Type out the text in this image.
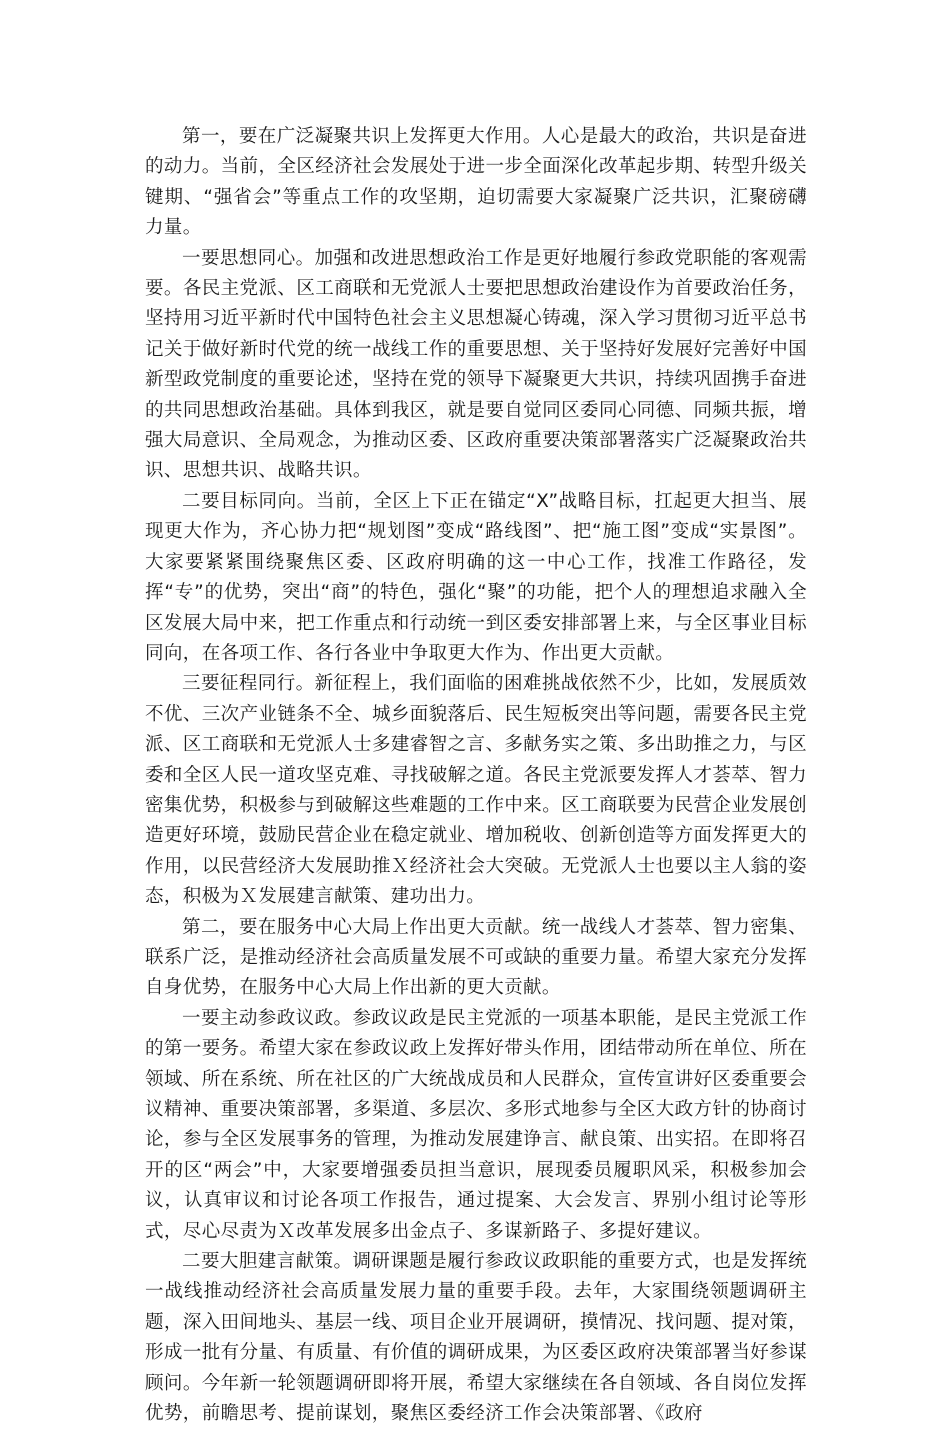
第一，要在广泛凝聚共识上发挥更大作用。人心是最大的政治，共识是奋进的动力。当前，全区经济社会发展处于进一步全面深化改革起步期、转型升级关键期、“强省会”等重点工作的攻坚期，迫切需要大家凝聚广泛共识，汇聚磅礴力量。

一要思想同心。加强和改进思想政治工作是更好地履行参政党职能的客观需要。各民主党派、区工商联和无党派人士要把思想政治建设作为首要政治任务，坚持用习近平新时代中国特色社会主义思想凝心铸魂，深入学习贯彻习近平总书记关于做好新时代党的统一战线工作的重要思想、关于坚持好发展好完善好中国新型政党制度的重要论述，坚持在党的领导下凝聚更大共识，持续巩固携手奋进的共同思想政治基础。具体到我区，就是要自觉同区委同心同德、同频共振，增强大局意识、全局观念，为推动区委、区政府重要决策部署落实广泛凝聚政治共识、思想共识、战略共识。

二要目标同向。当前，全区上下正在锚定“X”战略目标，扛起更大担当、展现更大作为，齐心协力把“规划图”变成“路线图”、把“施工图”变成“实景图”。大家要紧紧围绕聚焦区委、区政府明确的这一中心工作，找准工作路径，发挥“专”的优势，突出“商”的特色，强化“聚”的功能，把个人的理想追求融入全区发展大局中来，把工作重点和行动统一到区委安排部署上来，与全区事业目标同向，在各项工作、各行各业中争取更大作为、作出更大贡献。

三要征程同行。新征程上，我们面临的困难挑战依然不少，比如，发展质效不优、三次产业链条不全、城乡面貌落后、民生短板突出等问题，需要各民主党派、区工商联和无党派人士多建睿智之言、多献务实之策、多出助推之力，与区委和全区人民一道攻坚克难、寻找破解之道。各民主党派要发挥人才荟萃、智力密集优势，积极参与到破解这些难题的工作中来。区工商联要为民营企业发展创造更好环境，鼓励民营企业在稳定就业、增加税收、创新创造等方面发挥更大的作用，以民营经济大发展助推Ｘ经济社会大突破。无党派人士也要以主人翁的姿态，积极为Ｘ发展建言献策、建功出力。

第二，要在服务中心大局上作出更大贡献。统一战线人才荟萃、智力密集、联系广泛，是推动经济社会高质量发展不可或缺的重要力量。希望大家充分发挥自身优势，在服务中心大局上作出新的更大贡献。

一要主动参政议政。参政议政是民主党派的一项基本职能，是民主党派工作的第一要务。希望大家在参政议政上发挥好带头作用，团结带动所在单位、所在领域、所在系统、所在社区的广大统战成员和人民群众，宣传宣讲好区委重要会议精神、重要决策部署，多渠道、多层次、多形式地参与全区大政方针的协商讨论，参与全区发展事务的管理，为推动发展建诤言、献良策、出实招。在即将召开的区“两会”中，大家要增强委员担当意识，展现委员履职风采，积极参加会议，认真审议和讨论各项工作报告，通过提案、大会发言、界别小组讨论等形式，尽心尽责为Ｘ改革发展多出金点子、多谋新路子、多提好建议。

二要大胆建言献策。调研课题是履行参政议政职能的重要方式，也是发挥统一战线推动经济社会高质量发展力量的重要手段。去年，大家围绕领题调研主题，深入田间地头、基层一线、项目企业开展调研，摸情况、找问题、提对策，形成一批有分量、有质量、有价值的调研成果，为区委区政府决策部署当好参谋顾问。今年新一轮领题调研即将开展，希望大家继续在各自领域、各自岗位发挥优势，前瞻思考、提前谋划，聚焦区委经济工作会决策部署、《政府
